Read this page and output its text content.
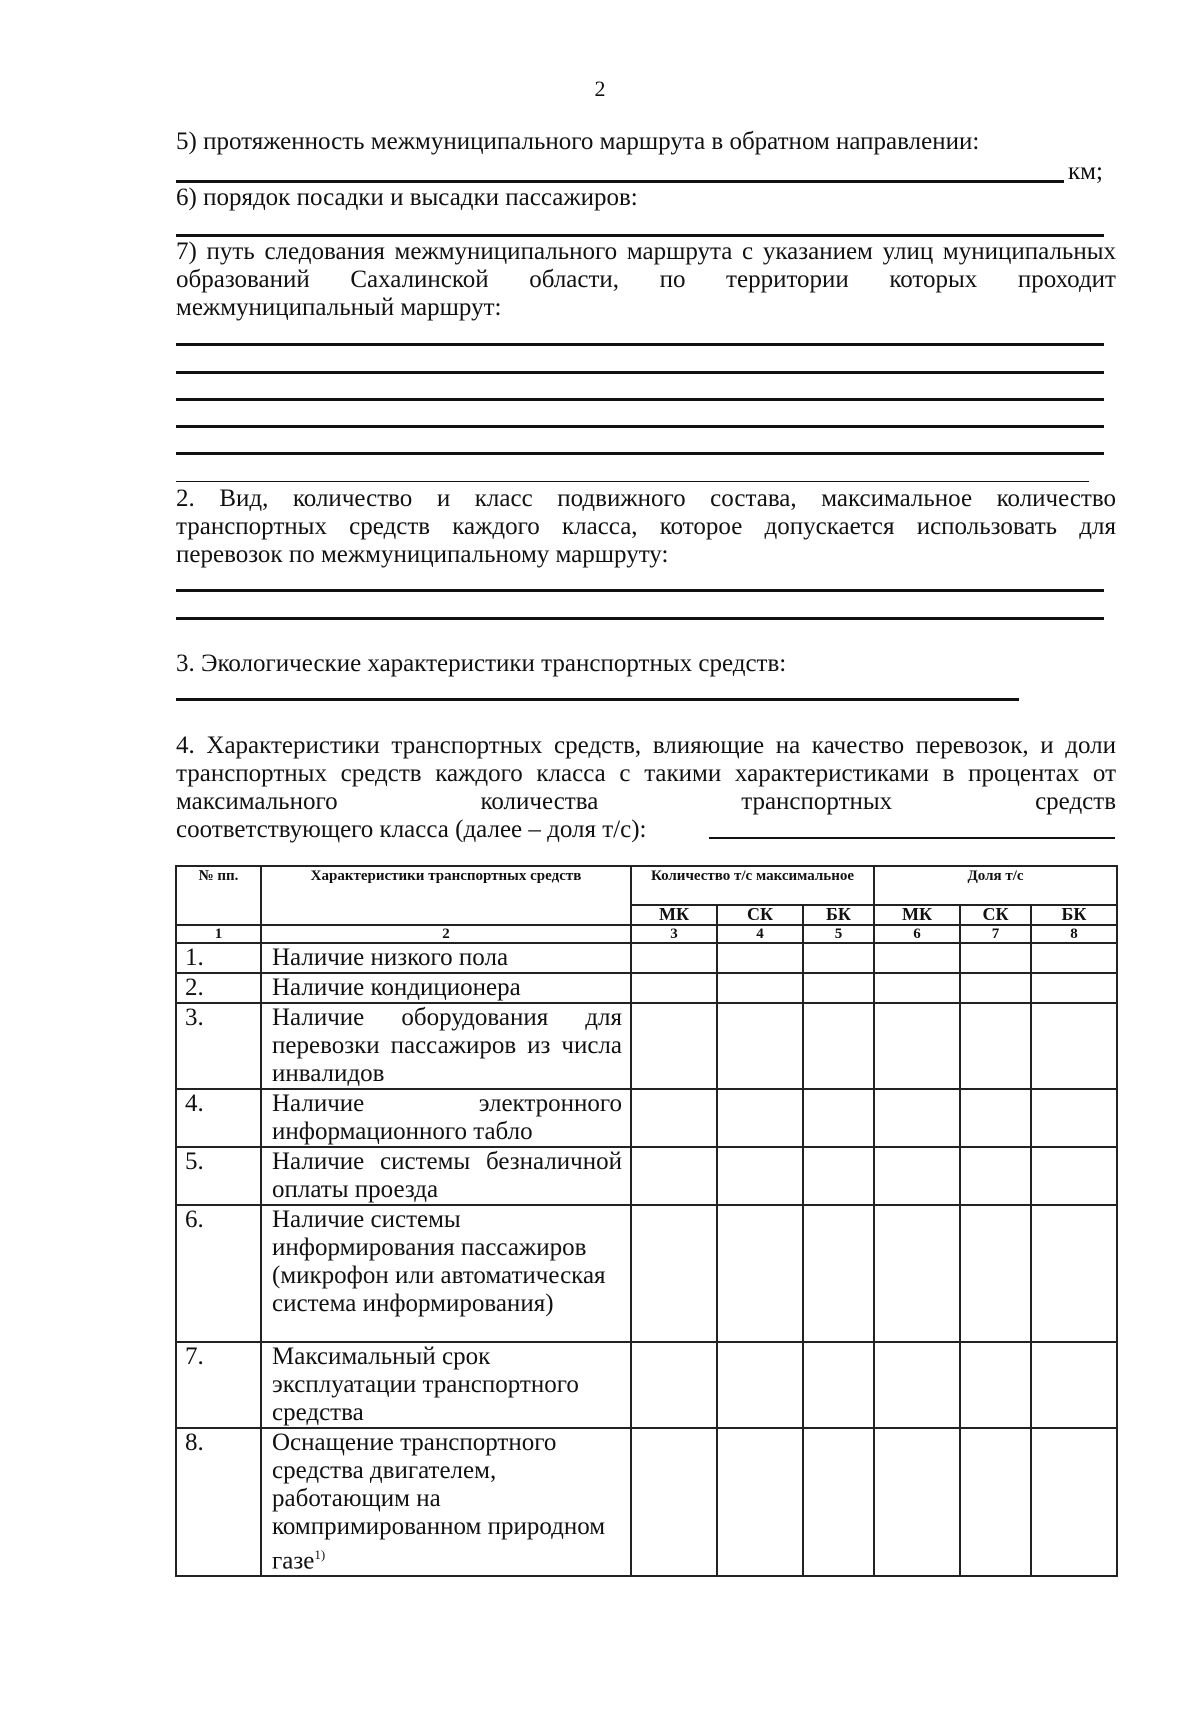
2
5) протяженность межмуниципального маршрута в обратном направлении:
км;
6) порядок посадки и высадки пассажиров:
7) путь следования межмуниципального маршрута с указанием улиц муниципальных образований Сахалинской области, по территории которых проходит межмуниципальный маршрут:
2. Вид, количество и класс подвижного состава, максимальное количество транспортных средств каждого класса, которое допускается использовать для перевозок по межмуниципальному маршруту:
3. Экологические характеристики транспортных средств:
4. Характеристики транспортных средств, влияющие на качество перевозок, и доли транспортных средств каждого класса с такими характеристиками в процентах от максимального количества транспортных средств
соответствующего класса (далее – доля т/с):
№ пп.	Характеристики транспортных средств	Количество т/с максимальное			Доля т/с		
		МК	СК	БК	МК	СК	БК
1	2	3	4	5	6	7	8
1.	Наличие низкого пола						
2.	Наличие кондиционера						
3.	Наличие оборудования для перевозки пассажиров из числа инвалидов						
4.	Наличие электронного информационного табло						
5.	Наличие системы безналичной оплаты проезда						
6.	Наличие системы информирования пассажиров (микрофон или автоматическая система информирования)						
7.	Максимальный срок эксплуатации транспортного средства						
8.	Оснащение транспортного средства двигателем, работающим на компримированном природном газе$^{1)}$						
